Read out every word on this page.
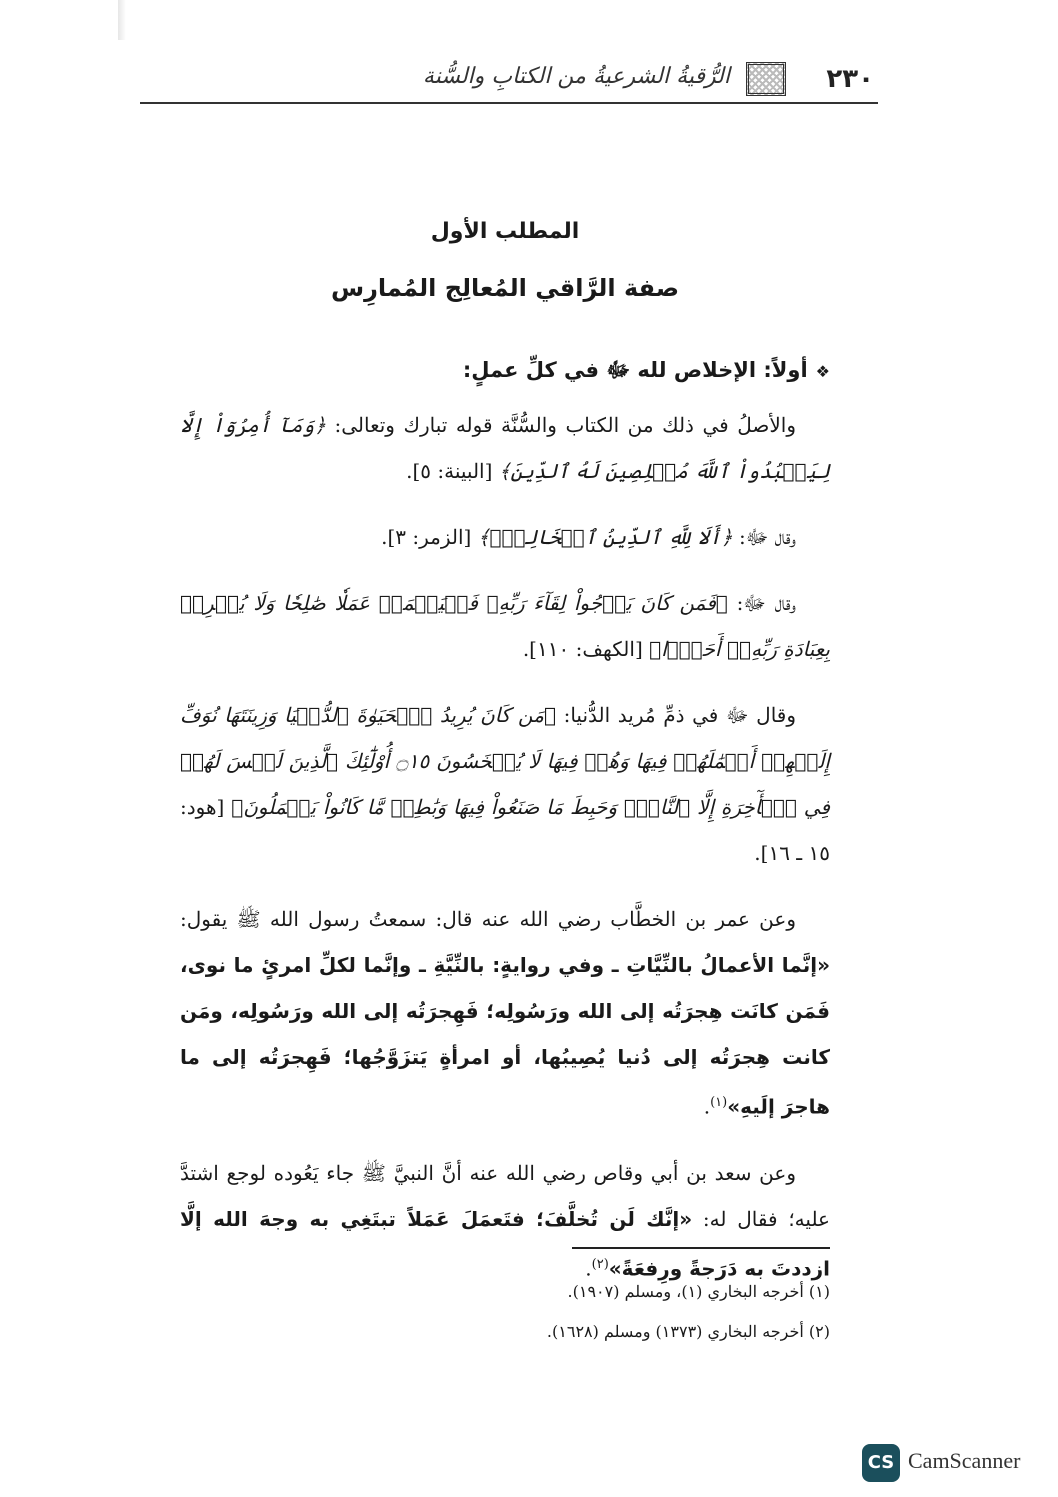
٢٣٠
الرُّقيةُ الشرعيةُ من الكتابِ والسُّنة
المطلب الأول
صفة الرَّاقي المُعالِج المُمارِس

❖أولاً: الإخلاص لله ﷻ في كلِّ عملٍ:

والأصلُ في ذلك من الكتاب والسُّنَّة قوله تبارك وتعالى: ﴿وَمَآ أُمِرُوٓاْ إِلَّا لِيَعۡبُدُواْ ٱللَّهَ مُخۡلِصِينَ لَهُ ٱلدِّينَ﴾ [البينة: ٥].

وقال ﷻ: ﴿أَلَا لِلَّهِ ٱلدِّينُ ٱلۡخَالِصُۚ﴾ [الزمر: ٣].

وقال ﷻ: ﴿فَمَن كَانَ يَرۡجُواْ لِقَآءَ رَبِّهِۦ فَلۡيَعۡمَلۡ عَمَلٗا صَٰلِحٗا وَلَا يُشۡرِكۡ بِعِبَادَةِ رَبِّهِۦٓ أَحَدَۢا﴾ [الكهف: ١١٠].

وقال ﷻ في ذمِّ مُريد الدُّنيا: ﴿مَن كَانَ يُرِيدُ ٱلۡحَيَوٰةَ ٱلدُّنۡيَا وَزِينَتَهَا نُوَفِّ إِلَيۡهِمۡ أَعۡمَٰلَهُمۡ فِيهَا وَهُمۡ فِيهَا لَا يُبۡخَسُونَ ۝١٥ أُوْلَٰٓئِكَ ٱلَّذِينَ لَيۡسَ لَهُمۡ فِي ٱلۡأٓخِرَةِ إِلَّا ٱلنَّارُۖ وَحَبِطَ مَا صَنَعُواْ فِيهَا وَبَٰطِلٞ مَّا كَانُواْ يَعۡمَلُونَ﴾ [هود: ١٥ ـ ١٦].

وعن عمر بن الخطَّاب رضي الله عنه قال: سمعتُ رسول الله ﷺ يقول: «إنَّما الأعمالُ بالنِّيَّاتِ ـ وفي روايةٍ: بالنِّيَّةِ ـ وإنَّما لكلِّ امرئٍ ما نوى، فَمَن كانَت هِجرَتُه إلى الله ورَسُولِه؛ فَهِجرَتُه إلى الله ورَسُولِه، ومَن كانت هِجرَتُه إلى دُنيا يُصِيبُها، أو امرأةٍ يَتزَوَّجُها؛ فَهِجرَتُه إلى ما هاجرَ إلَيهِ»$^{(١)}$.

وعن سعد بن أبي وقاص رضي الله عنه أنَّ النبيَّ ﷺ جاء يَعُوده لوجع اشتدَّ عليه؛ فقال له: «إنَّك لَن تُخلَّفَ؛ فتَعمَلَ عَمَلاً تبتَغِي به وجهَ الله إلَّا ازددتَ به دَرَجةً ورِفعَةً»$^{(٢)}$.

(١) أخرجه البخاري (١)، ومسلم (١٩٠٧).

(٢) أخرجه البخاري (١٣٧٣) ومسلم (١٦٢٨).

CS CamScanner
